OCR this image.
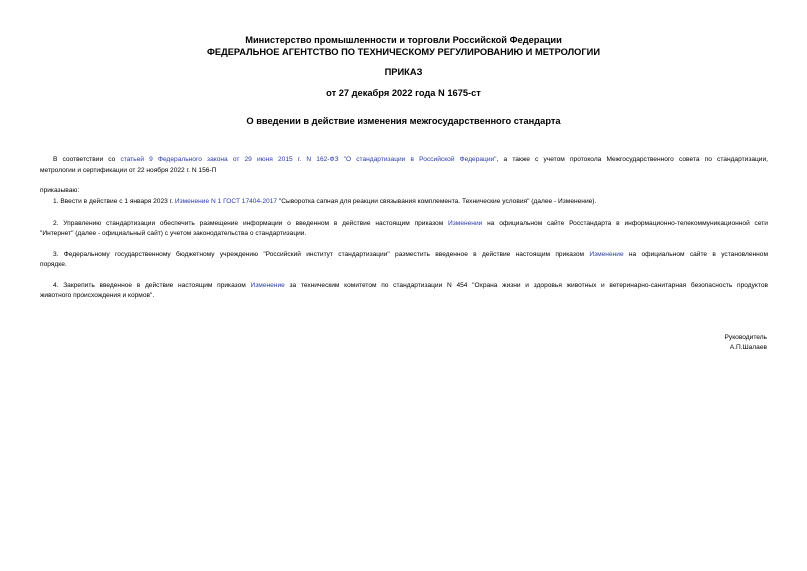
Министерство промышленности и торговли Российской Федерации
ФЕДЕРАЛЬНОЕ АГЕНТСТВО ПО ТЕХНИЧЕСКОМУ РЕГУЛИРОВАНИЮ И МЕТРОЛОГИИ
ПРИКАЗ
от 27 декабря 2022 года N 1675-ст
О введении в действие изменения межгосударственного стандарта
В соответствии со статьей 9 Федерального закона от 29 июня 2015 г. N 162-ФЗ "О стандартизации в Российской Федерации", а также с учетом протокола Межгосударственного совета по стандартизации,
метрологии и сертификации от 22 ноября 2022 г. N 156-П
приказываю:
1. Ввести в действие с 1 января 2023 г. Изменение N 1 ГОСТ 17404-2017 "Сыворотка сапная для реакции связывания комплемента. Технические условия" (далее - Изменение).
2. Управлению стандартизации обеспечить размещение информации о введенном в действие настоящим приказом Изменении на официальном сайте Росстандарта в информационно-телекоммуникационной сети
"Интернет" (далее - официальный сайт) с учетом законодательства о стандартизации.
3. Федеральному государственному бюджетному учреждению "Российский институт стандартизации" разместить введенное в действие настоящим приказом Изменение на официальном сайте в установленном
порядке.
4. Закрепить введенное в действие настоящим приказом Изменение за техническим комитетом по стандартизации N 454 "Охрана жизни и здоровья животных и ветеринарно-санитарная безопасность продуктов
животного происхождения и кормов".
Руководитель
А.П.Шалаев
